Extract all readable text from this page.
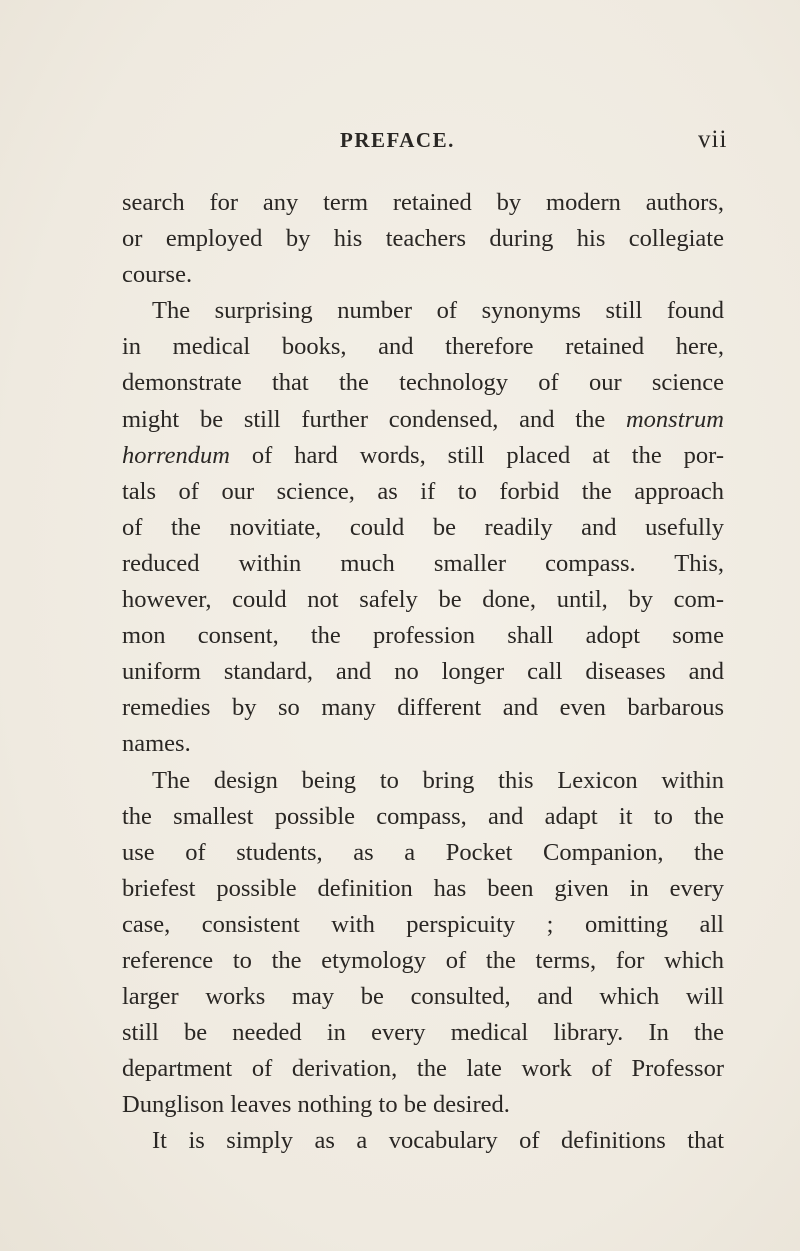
PREFACE.	vii
search for any term retained by modern authors,
or employed by his teachers during his collegiate
course.
The surprising number of synonyms still found
in medical books, and therefore retained here,
demonstrate that the technology of our science
might be still further condensed, and the monstrum
horrendum of hard words, still placed at the por-
tals of our science, as if to forbid the approach
of the novitiate, could be readily and usefully
reduced within much smaller compass. This,
however, could not safely be done, until, by com-
mon consent, the profession shall adopt some
uniform standard, and no longer call diseases and
remedies by so many different and even barbarous
names.
The design being to bring this Lexicon within
the smallest possible compass, and adapt it to the
use of students, as a Pocket Companion, the
briefest possible definition has been given in every
case, consistent with perspicuity ; omitting all
reference to the etymology of the terms, for which
larger works may be consulted, and which will
still be needed in every medical library. In the
department of derivation, the late work of Professor
Dunglison leaves nothing to be desired.
It is simply as a vocabulary of definitions that
